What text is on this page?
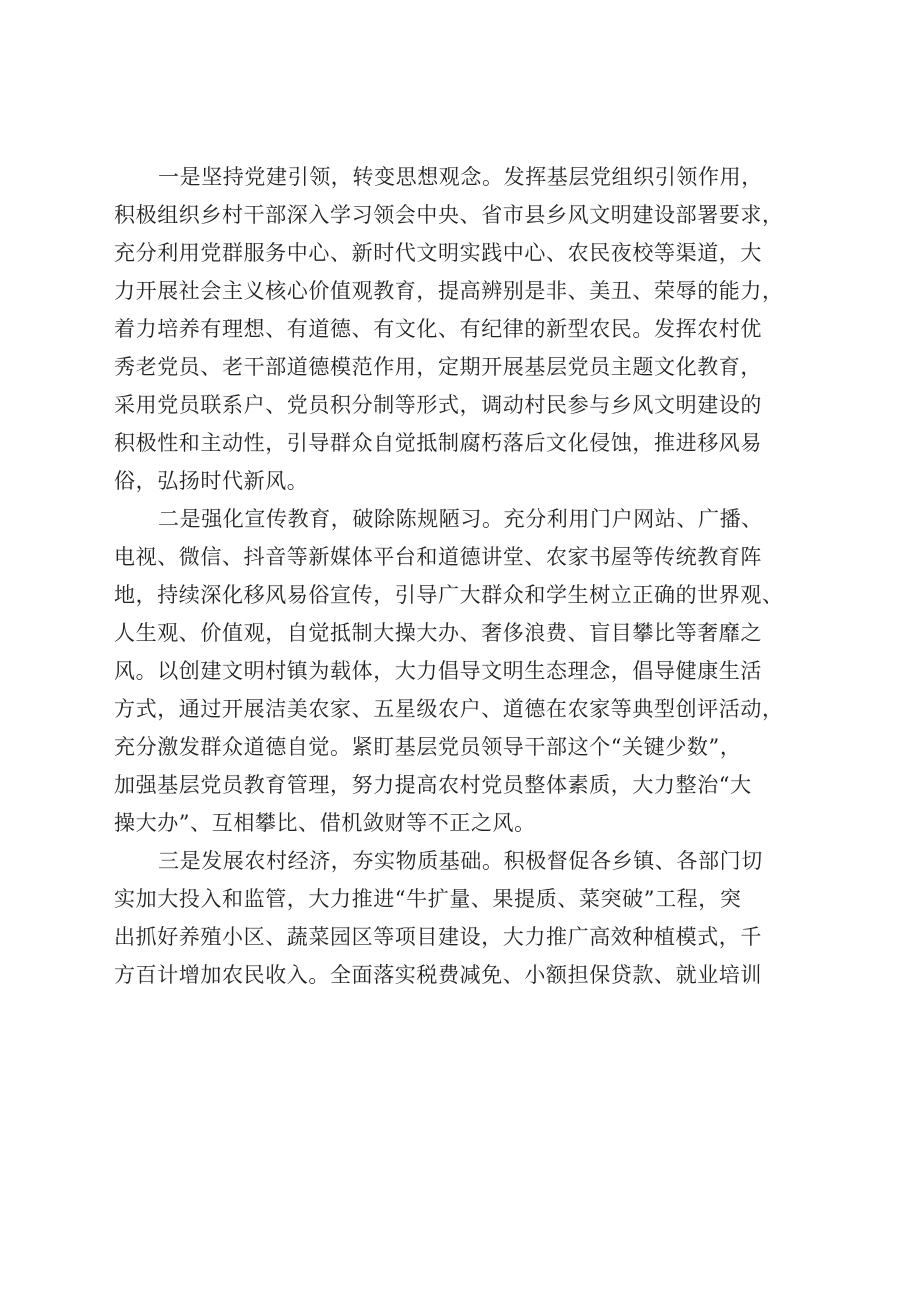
一是坚持党建引领，转变思想观念。发挥基层党组织引领作用，
积极组织乡村干部深入学习领会中央、省市县乡风文明建设部署要求，
充分利用党群服务中心、新时代文明实践中心、农民夜校等渠道，大
力开展社会主义核心价值观教育，提高辨别是非、美丑、荣辱的能力，
着力培养有理想、有道德、有文化、有纪律的新型农民。发挥农村优
秀老党员、老干部道德模范作用，定期开展基层党员主题文化教育，
采用党员联系户、党员积分制等形式，调动村民参与乡风文明建设的
积极性和主动性，引导群众自觉抵制腐朽落后文化侵蚀，推进移风易
俗，弘扬时代新风。
二是强化宣传教育，破除陈规陋习。充分利用门户网站、广播、
电视、微信、抖音等新媒体平台和道德讲堂、农家书屋等传统教育阵
地，持续深化移风易俗宣传，引导广大群众和学生树立正确的世界观、
人生观、价值观，自觉抵制大操大办、奢侈浪费、盲目攀比等奢靡之
风。以创建文明村镇为载体，大力倡导文明生态理念，倡导健康生活
方式，通过开展洁美农家、五星级农户、道德在农家等典型创评活动，
充分激发群众道德自觉。紧盯基层党员领导干部这个“关键少数”，
加强基层党员教育管理，努力提高农村党员整体素质，大力整治“大
操大办”、互相攀比、借机敛财等不正之风。
三是发展农村经济，夯实物质基础。积极督促各乡镇、各部门切
实加大投入和监管，大力推进“牛扩量、果提质、菜突破”工程，突
出抓好养殖小区、蔬菜园区等项目建设，大力推广高效种植模式，千
方百计增加农民收入。全面落实税费减免、小额担保贷款、就业培训
